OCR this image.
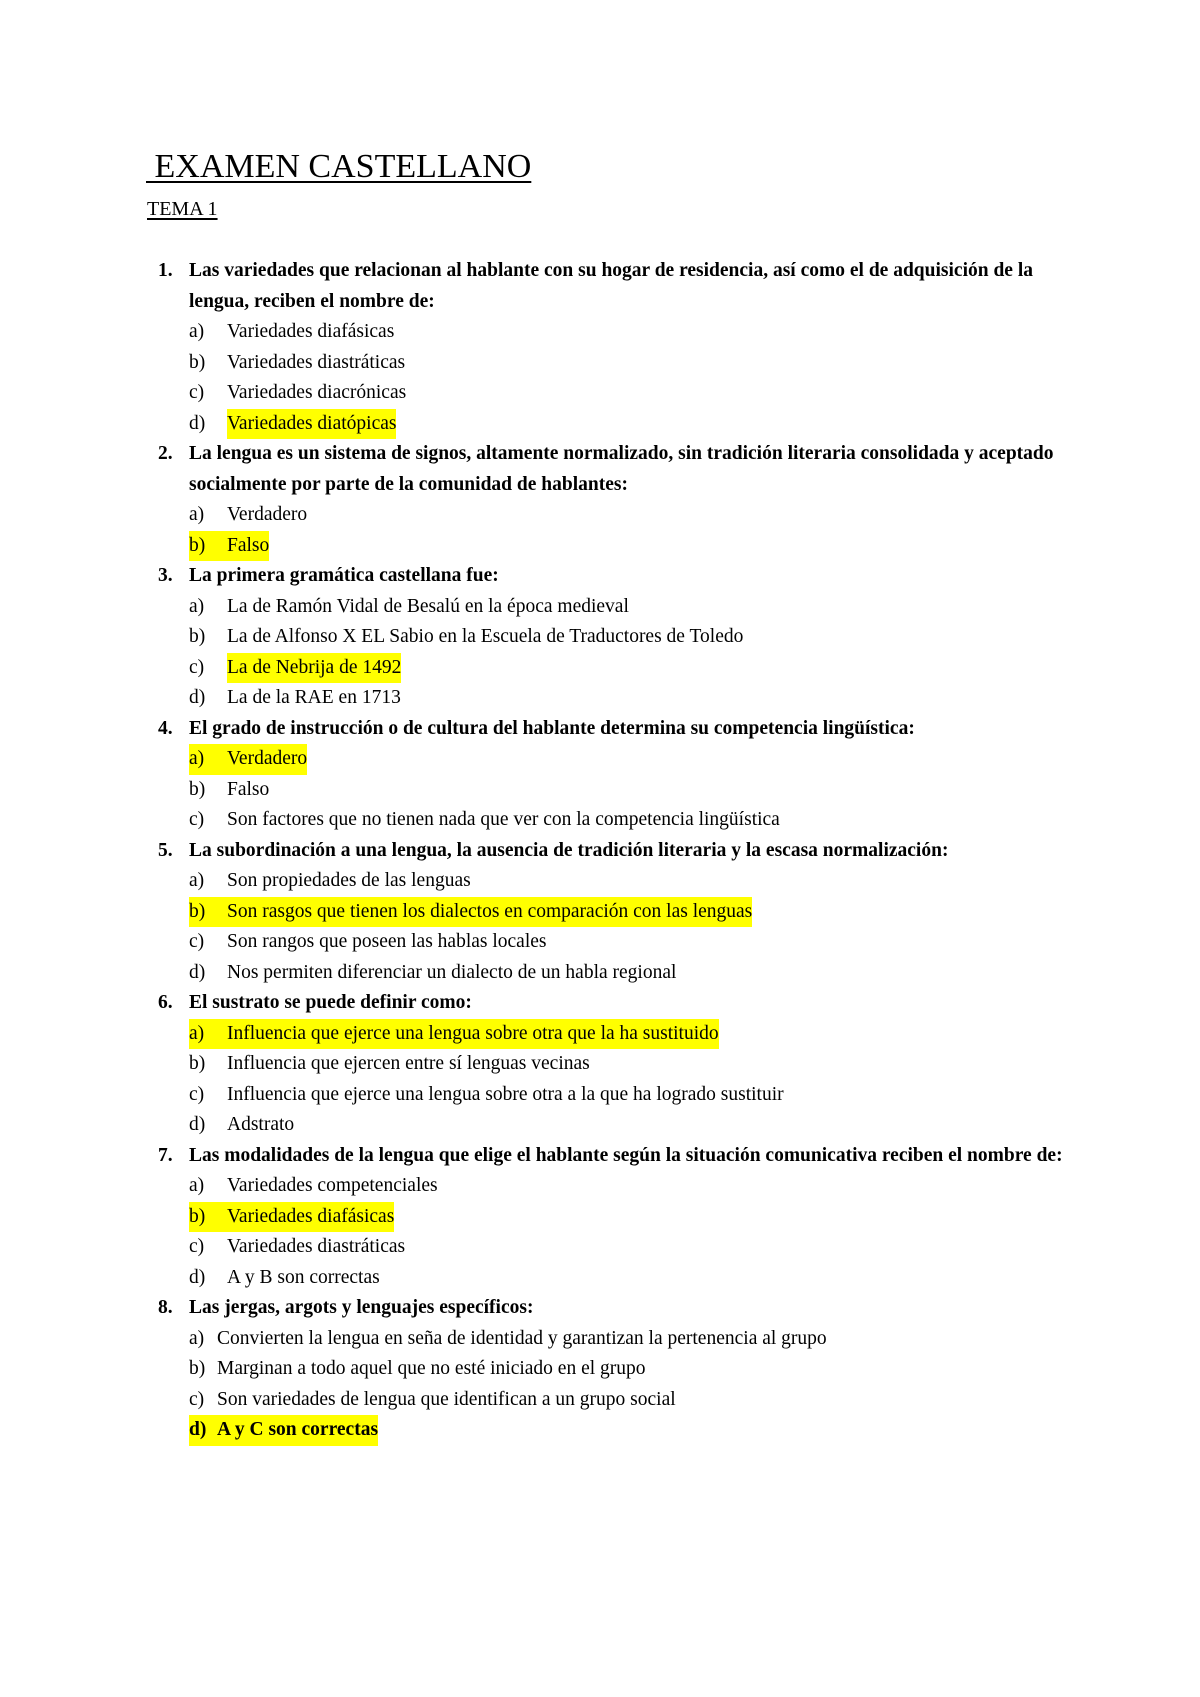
EXAMEN CASTELLANO
TEMA 1
1. Las variedades que relacionan al hablante con su hogar de residencia, así como el de adquisición de la lengua, reciben el nombre de:
a)	Variedades diafásicas
b)	Variedades diastráticas
c)	Variedades diacrónicas
d)	Variedades diatópicas
2. La lengua es un sistema de signos, altamente normalizado, sin tradición literaria consolidada y aceptado socialmente por parte de la comunidad de hablantes:
a)	Verdadero
b)	Falso
3. La primera gramática castellana fue:
a)	La de Ramón Vidal de Besalú en la época medieval
b)	La de Alfonso X EL Sabio en la Escuela de Traductores de Toledo
c)	La de Nebrija de 1492
d)	La de la RAE en 1713
4. El grado de instrucción o de cultura del hablante determina su competencia lingüística:
a)	Verdadero
b)	Falso
c)	Son factores que no tienen nada que ver con la competencia lingüística
5. La subordinación a una lengua, la ausencia de tradición literaria y la escasa normalización:
a)	Son propiedades de las lenguas
b)	Son rasgos que tienen los dialectos en comparación con las lenguas
c)	Son rangos que poseen las hablas locales
d)	Nos permiten diferenciar un dialecto de un habla regional
6. El sustrato se puede definir como:
a)	Influencia que ejerce una lengua sobre otra que la ha sustituido
b)	Influencia que ejercen entre sí lenguas vecinas
c)	Influencia que ejerce una lengua sobre otra a la que ha logrado sustituir
d)	Adstrato
7. Las modalidades de la lengua que elige el hablante según la situación comunicativa reciben el nombre de:
a)	Variedades competenciales
b)	Variedades diafásicas
c)	Variedades diastráticas
d)	A y B son correctas
8. Las jergas, argots y lenguajes específicos:
a) Convierten la lengua en seña de identidad y garantizan la pertenencia al grupo
b) Marginan a todo aquel que no esté iniciado en el grupo
c) Son variedades de lengua que identifican a un grupo social
d) A y C son correctas
